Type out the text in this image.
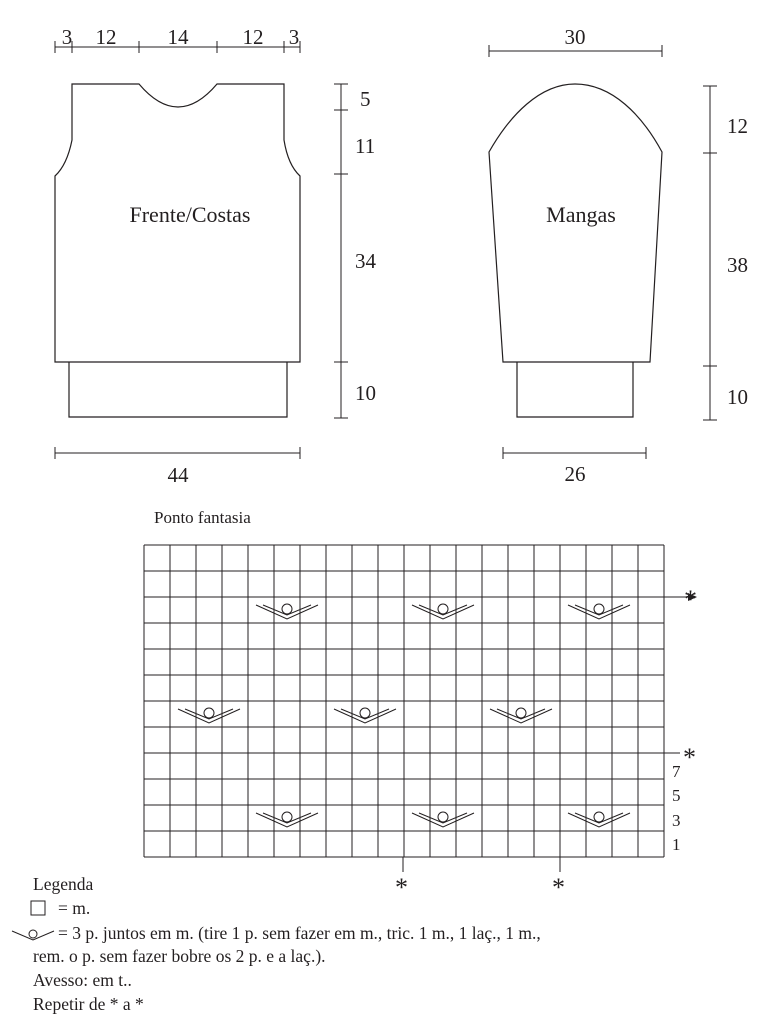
3 12 14	12 3
Frente/Costas
5
11
34
10
44
30
Mangas
12
38
10
26
Ponto fantasia
*
*
*	*
7
5
3
1
Legenda
= m.
= 3 p. juntos em m. (tire 1 p. sem fazer em m., tric. 1 m., 1 laç., 1 m.,
rem. o p. sem fazer bobre os 2 p. e a laç.).
Avesso: em t..
Repetir de * a *
